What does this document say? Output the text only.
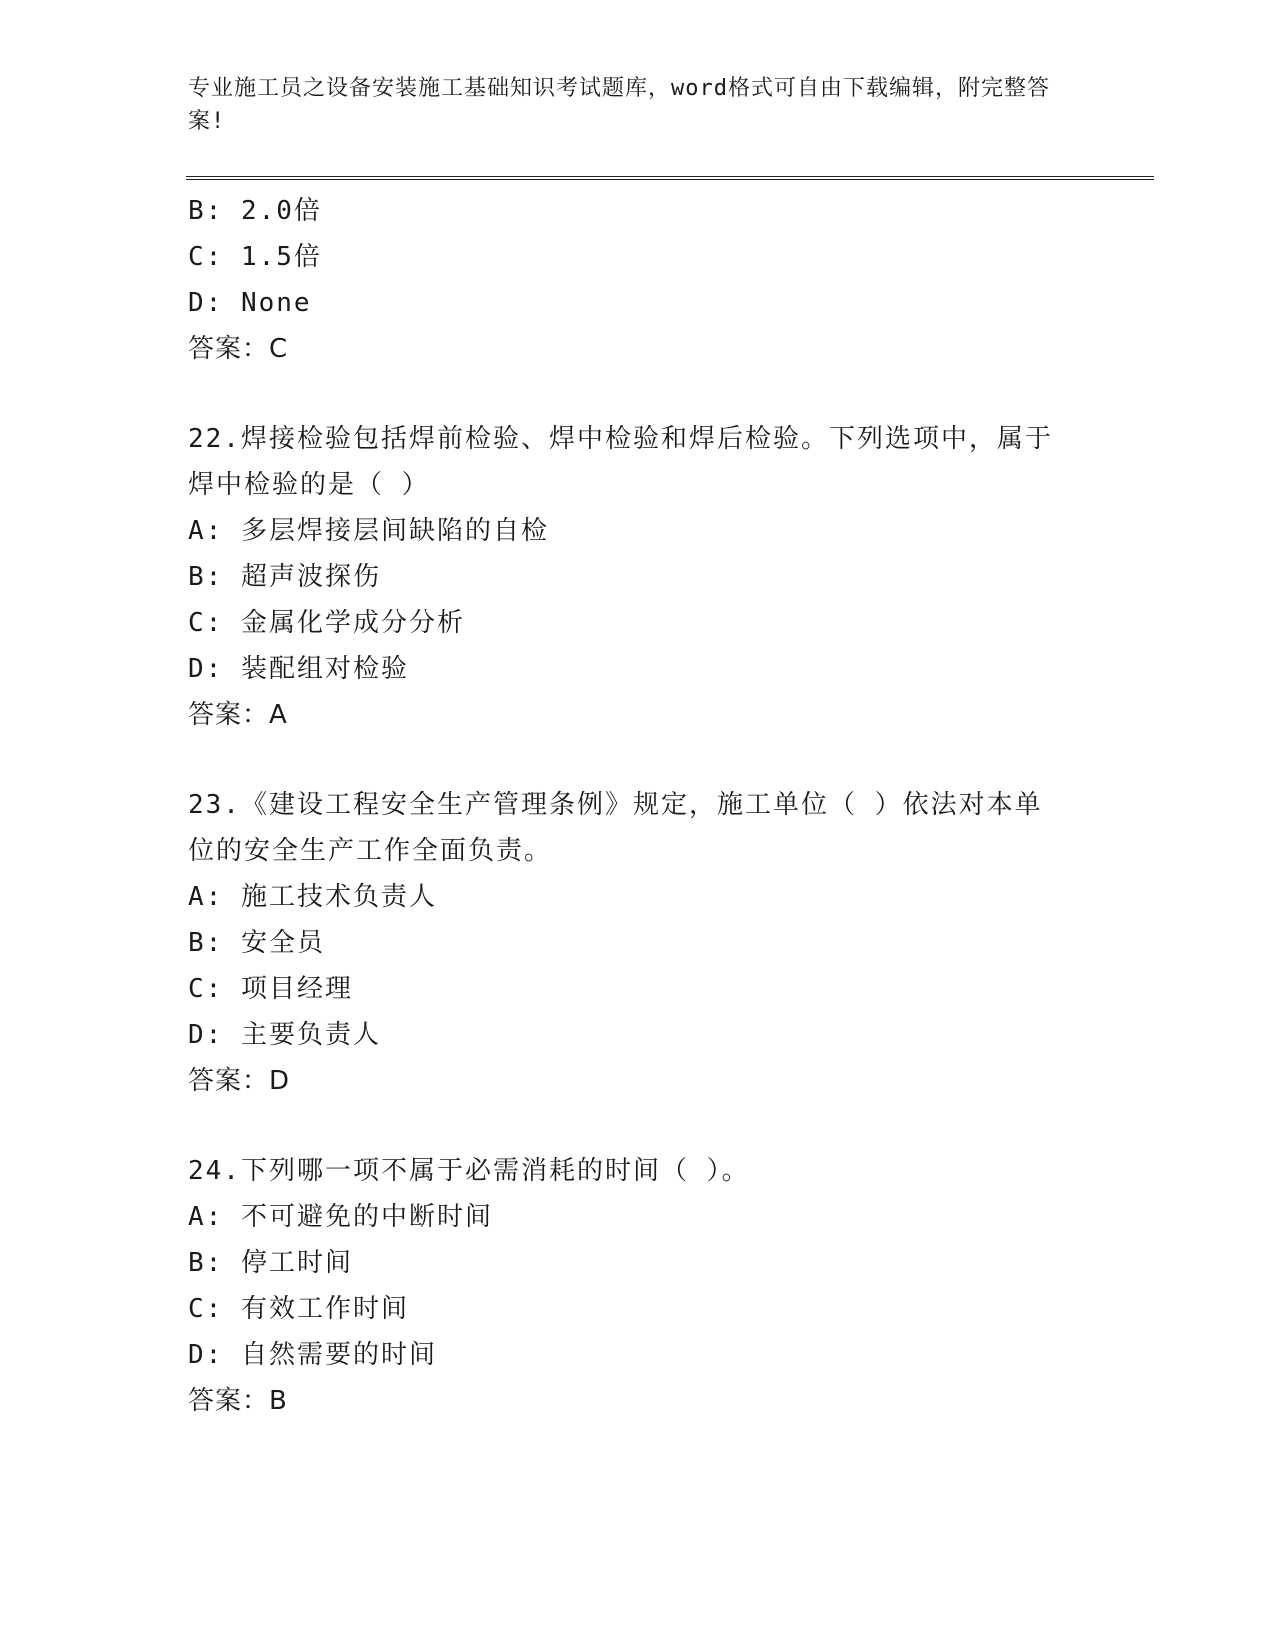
专业施工员之设备安装施工基础知识考试题库，word格式可自由下载编辑，附完整答案!
B: 2.0倍
C: 1.5倍
D: None
答案：C
22.焊接检验包括焊前检验、焊中检验和焊后检验。下列选项中，属于
焊中检验的是（ ）
A: 多层焊接层间缺陷的自检
B: 超声波探伤
C: 金属化学成分分析
D: 装配组对检验
答案：A
23.《建设工程安全生产管理条例》规定，施工单位（ ）依法对本单
位的安全生产工作全面负责。
A: 施工技术负责人
B: 安全员
C: 项目经理
D: 主要负责人
答案：D
24.下列哪一项不属于必需消耗的时间（ ）。
A: 不可避免的中断时间
B: 停工时间
C: 有效工作时间
D: 自然需要的时间
答案：B
